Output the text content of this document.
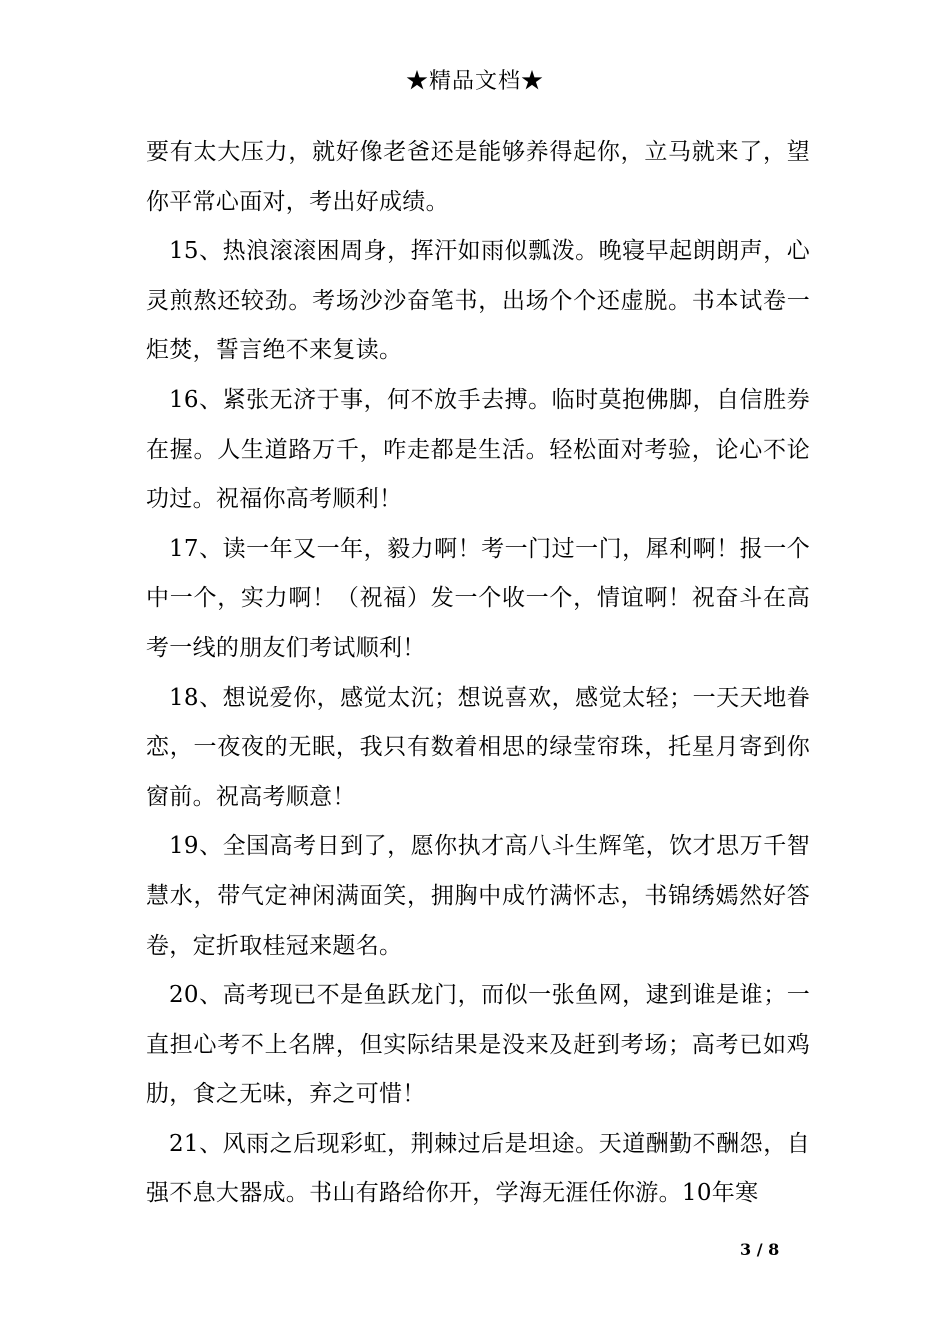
★精品文档★

要有太大压力，就好像老爸还是能够养得起你，立马就来了，望你平常心面对，考出好成绩。

15、热浪滚滚困周身，挥汗如雨似瓢泼。晚寝早起朗朗声，心灵煎熬还较劲。考场沙沙奋笔书，出场个个还虚脱。书本试卷一炬焚，誓言绝不来复读。

16、紧张无济于事，何不放手去搏。临时莫抱佛脚，自信胜券在握。人生道路万千，咋走都是生活。轻松面对考验，论心不论功过。祝福你高考顺利！

17、读一年又一年，毅力啊！考一门过一门，犀利啊！报一个中一个，实力啊！（祝福）发一个收一个，情谊啊！祝奋斗在高考一线的朋友们考试顺利！

18、想说爱你，感觉太沉；想说喜欢，感觉太轻；一天天地眷恋，一夜夜的无眠，我只有数着相思的绿莹帘珠，托星月寄到你窗前。祝高考顺意！

19、全国高考日到了，愿你执才高八斗生辉笔，饮才思万千智慧水，带气定神闲满面笑，拥胸中成竹满怀志，书锦绣嫣然好答卷，定折取桂冠来题名。

20、高考现已不是鱼跃龙门，而似一张鱼网，逮到谁是谁；一直担心考不上名牌，但实际结果是没来及赶到考场；高考已如鸡肋，食之无味，弃之可惜！

21、风雨之后现彩虹，荆棘过后是坦途。天道酬勤不酬怨，自强不息大器成。书山有路给你开，学海无涯任你游。10年寒

3 / 8
